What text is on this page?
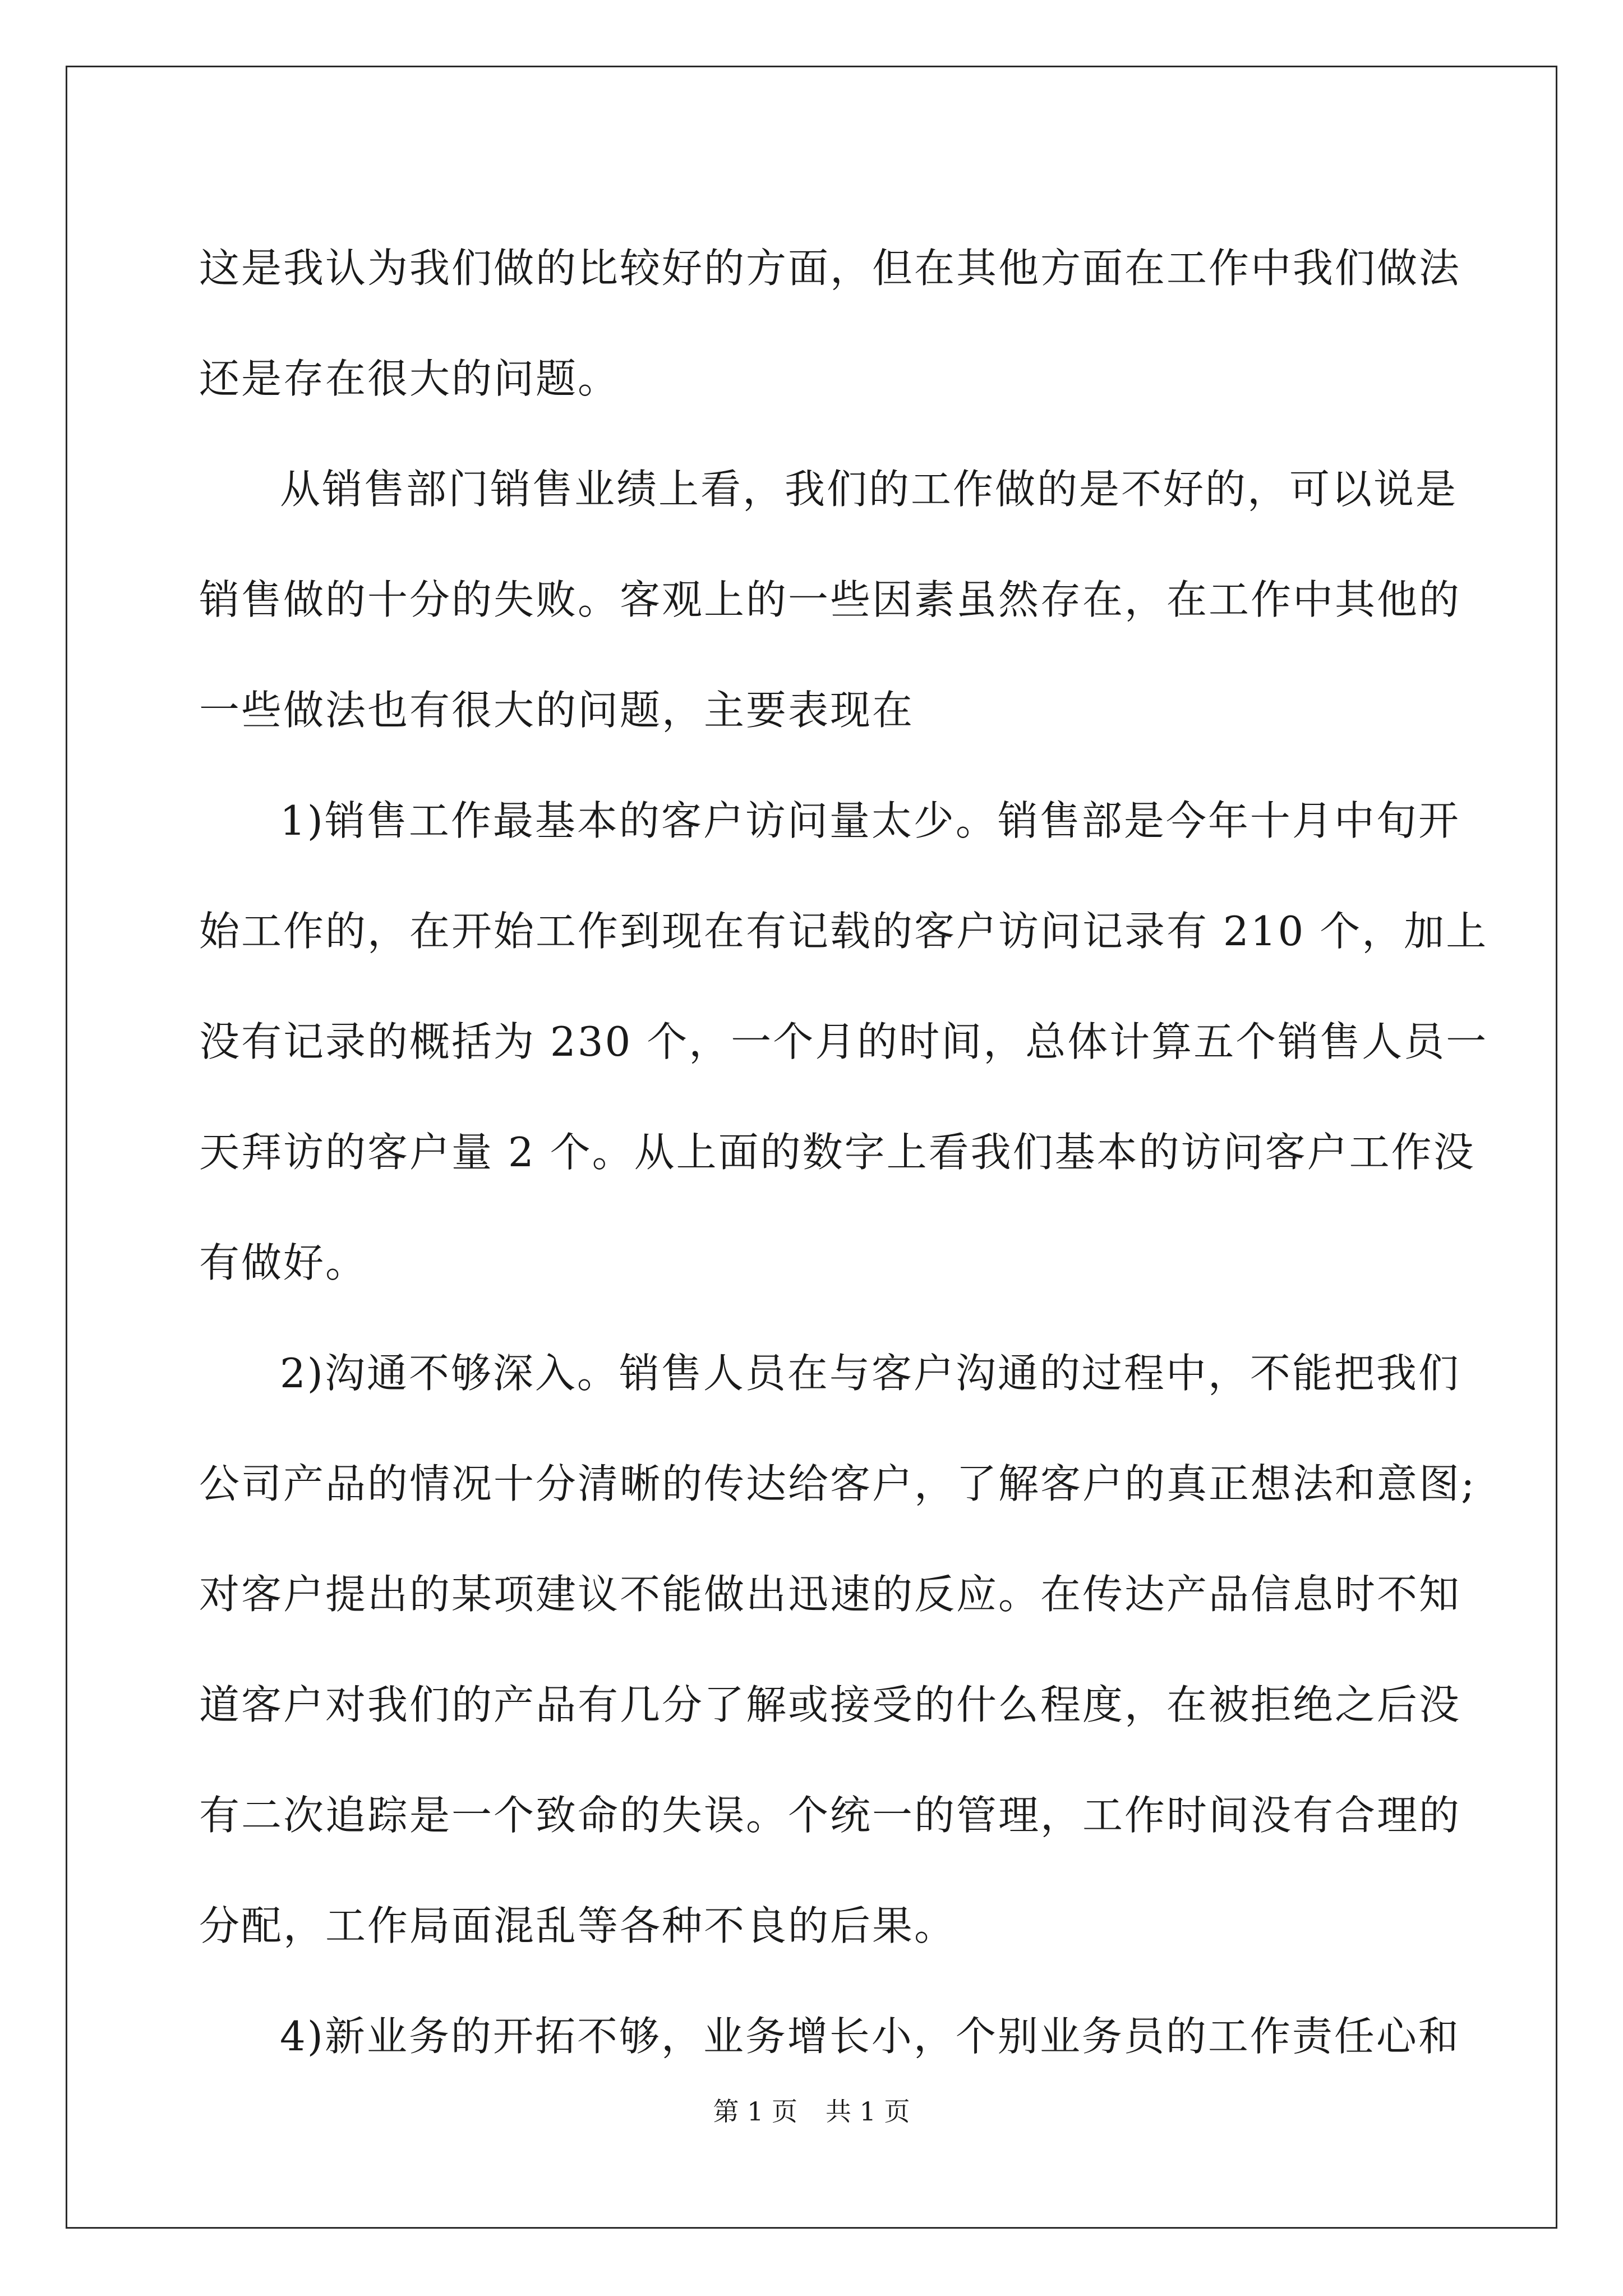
这是我认为我们做的比较好的方面，但在其他方面在工作中我们做法
还是存在很大的问题。
从销售部门销售业绩上看，我们的工作做的是不好的，可以说是
销售做的十分的失败。客观上的一些因素虽然存在，在工作中其他的
一些做法也有很大的问题，主要表现在
1)销售工作最基本的客户访问量太少。销售部是今年十月中旬开
始工作的，在开始工作到现在有记载的客户访问记录有 210 个，加上
没有记录的概括为 230 个，一个月的时间，总体计算五个销售人员一
天拜访的客户量 2 个。从上面的数字上看我们基本的访问客户工作没
有做好。
2)沟通不够深入。销售人员在与客户沟通的过程中，不能把我们
公司产品的情况十分清晰的传达给客户，了解客户的真正想法和意图;
对客户提出的某项建议不能做出迅速的反应。在传达产品信息时不知
道客户对我们的产品有几分了解或接受的什么程度，在被拒绝之后没
有二次追踪是一个致命的失误。个统一的管理，工作时间没有合理的
分配，工作局面混乱等各种不良的后果。
4)新业务的开拓不够，业务增长小，个别业务员的工作责任心和
第 1 页 共 1 页
